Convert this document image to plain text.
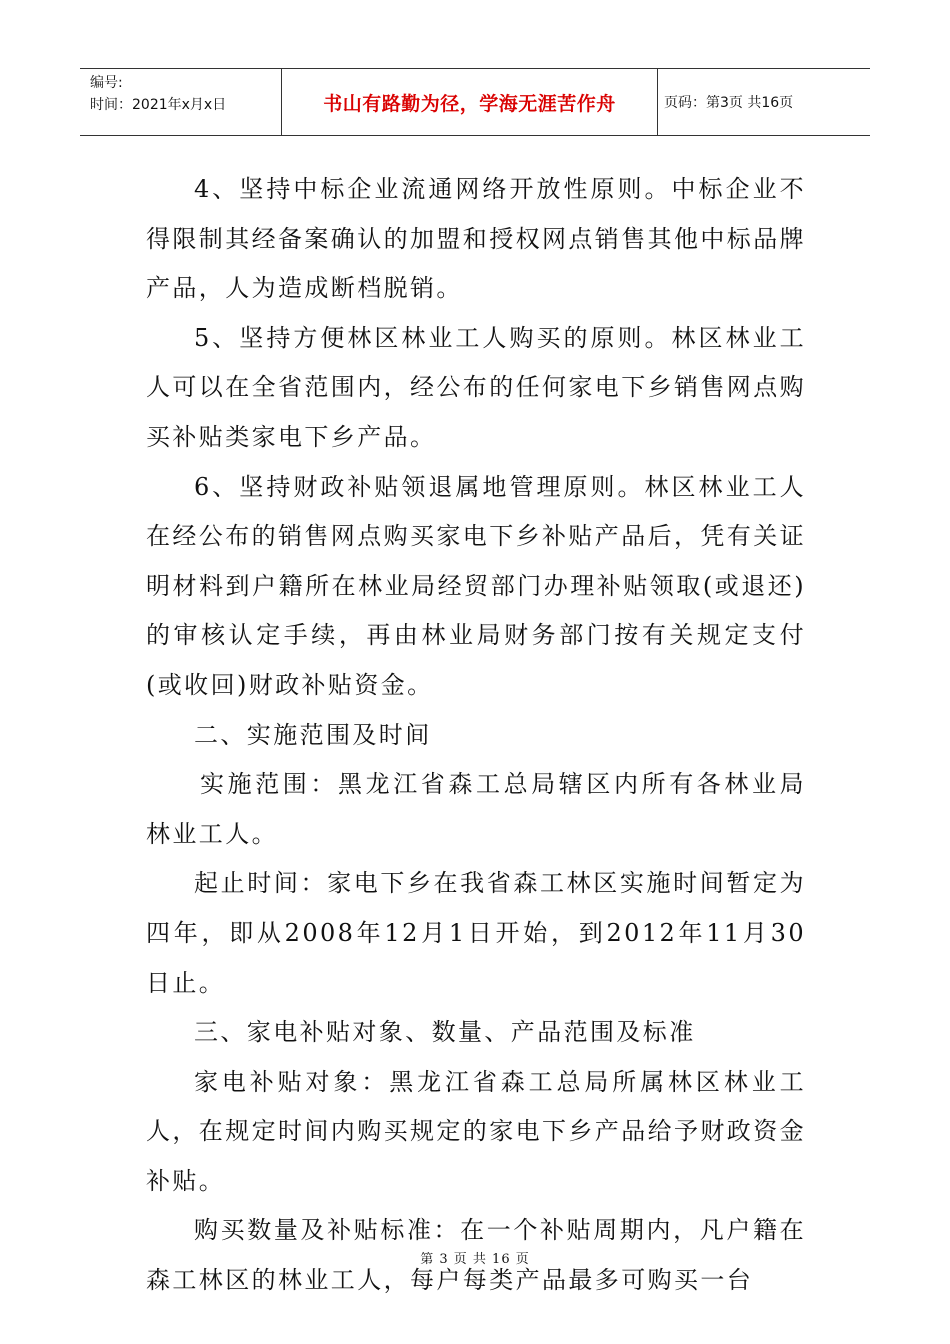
编号:
时间：2021年x月x日	书山有路勤为径，学海无涯苦作舟	页码：第3页 共16页

4、坚持中标企业流通网络开放性原则。中标企业不得限制其经备案确认的加盟和授权网点销售其他中标品牌产品，人为造成断档脱销。

5、坚持方便林区林业工人购买的原则。林区林业工人可以在全省范围内，经公布的任何家电下乡销售网点购买补贴类家电下乡产品。

6、坚持财政补贴领退属地管理原则。林区林业工人在经公布的销售网点购买家电下乡补贴产品后，凭有关证明材料到户籍所在林业局经贸部门办理补贴领取(或退还)的审核认定手续，再由林业局财务部门按有关规定支付(或收回)财政补贴资金。

二、实施范围及时间

实施范围：黑龙江省森工总局辖区内所有各林业局林业工人。

起止时间：家电下乡在我省森工林区实施时间暂定为四年，即从2008年12月1日开始，到2012年11月30日止。

三、家电补贴对象、数量、产品范围及标准

家电补贴对象：黑龙江省森工总局所属林区林业工人，在规定时间内购买规定的家电下乡产品给予财政资金补贴。

购买数量及补贴标准：在一个补贴周期内，凡户籍在森工林区的林业工人，每户每类产品最多可购买一台

第 3 页 共 16 页
